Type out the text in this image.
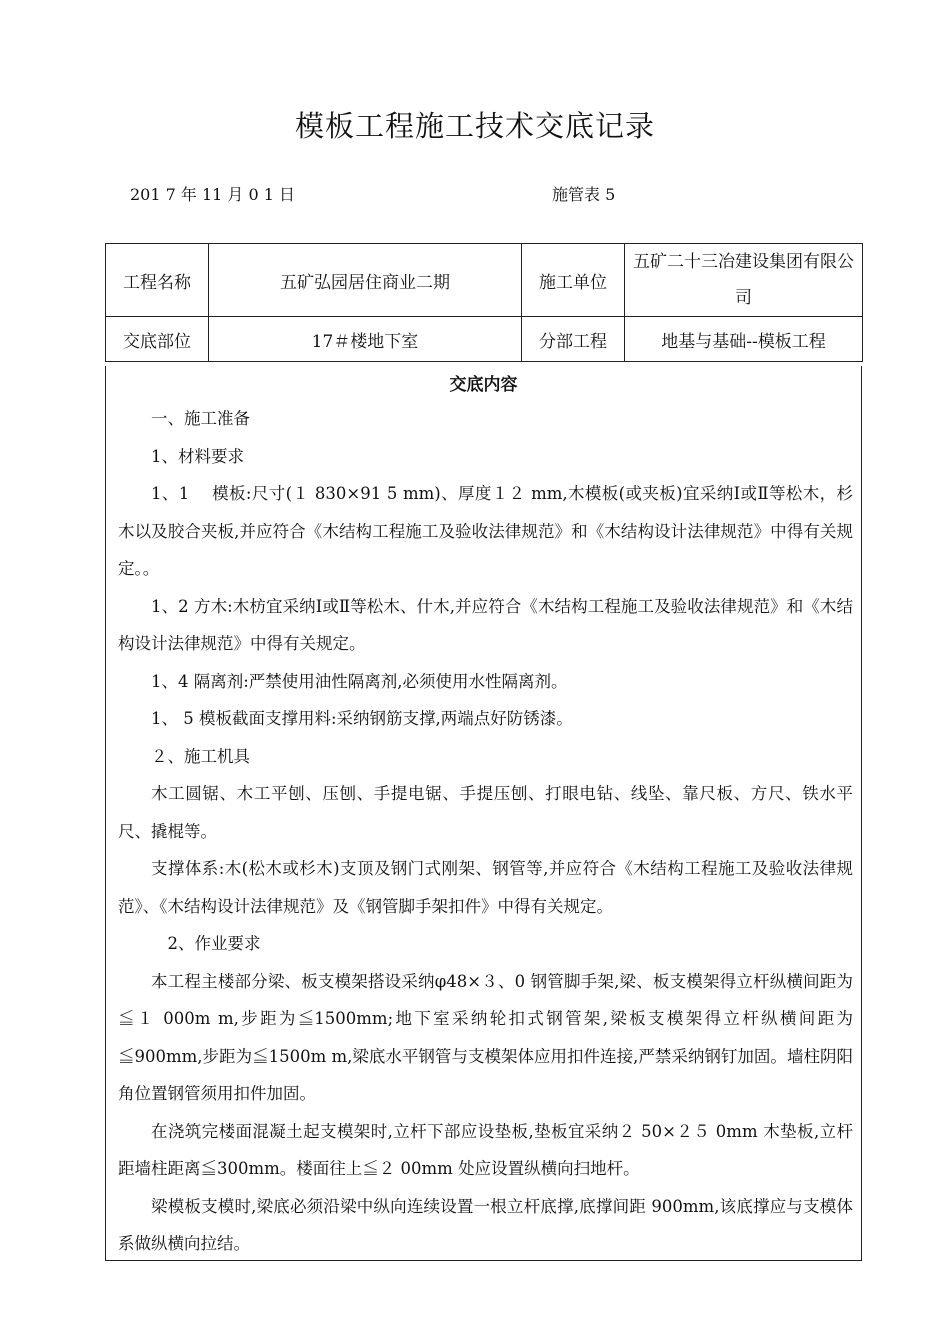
模板工程施工技术交底记录
201 7 年 11 月 0 1 日	施管表 5
工程名称	五矿弘园居住商业二期	施工单位	五矿二十三冶建设集团有限公司
交底部位	17＃楼地下室	分部工程	地基与基础--模板工程
交底内容

一、施工准备

1、材料要求

1、1　 模板:尺寸(１ 830×91 5 mm)、厚度１２ mm,木模板(或夹板)宜采纳Ⅰ或Ⅱ等松木，杉木以及胶合夹板,并应符合《木结构工程施工及验收法律规范》和《木结构设计法律规范》中得有关规定。。

1、2 方木:木枋宜采纳Ⅰ或Ⅱ等松木、什木,并应符合《木结构工程施工及验收法律规范》和《木结构设计法律规范》中得有关规定。

1、4 隔离剂:严禁使用油性隔离剂,必须使用水性隔离剂。

1、 5 模板截面支撑用料:采纳钢筋支撑,两端点好防锈漆。

２、施工机具

木工圆锯、木工平刨、压刨、手提电锯、手提压刨、打眼电钻、线坠、靠尺板、方尺、铁水平尺、撬棍等。

支撑体系:木(松木或杉木)支顶及钢门式刚架、钢管等,并应符合《木结构工程施工及验收法律规范》、《木结构设计法律规范》及《钢管脚手架扣件》中得有关规定。

2、作业要求

本工程主楼部分梁、板支模架搭设采纳φ48×３、0 钢管脚手架,梁、板支模架得立杆纵横间距为≦１ 000m m,步距为≦1500mm;地下室采纳轮扣式钢管架,梁板支模架得立杆纵横间距为≦900mm,步距为≦1500m m,梁底水平钢管与支模架体应用扣件连接,严禁采纳钢钉加固。墙柱阴阳角位置钢管须用扣件加固。

在浇筑完楼面混凝土起支模架时,立杆下部应设垫板,垫板宜采纳２ 50×２５ 0mm 木垫板,立杆距墙柱距离≦300mm。楼面往上≦２ 00mm 处应设置纵横向扫地杆。

梁模板支模时,梁底必须沿梁中纵向连续设置一根立杆底撑,底撑间距 900mm,该底撑应与支模体系做纵横向拉结。
